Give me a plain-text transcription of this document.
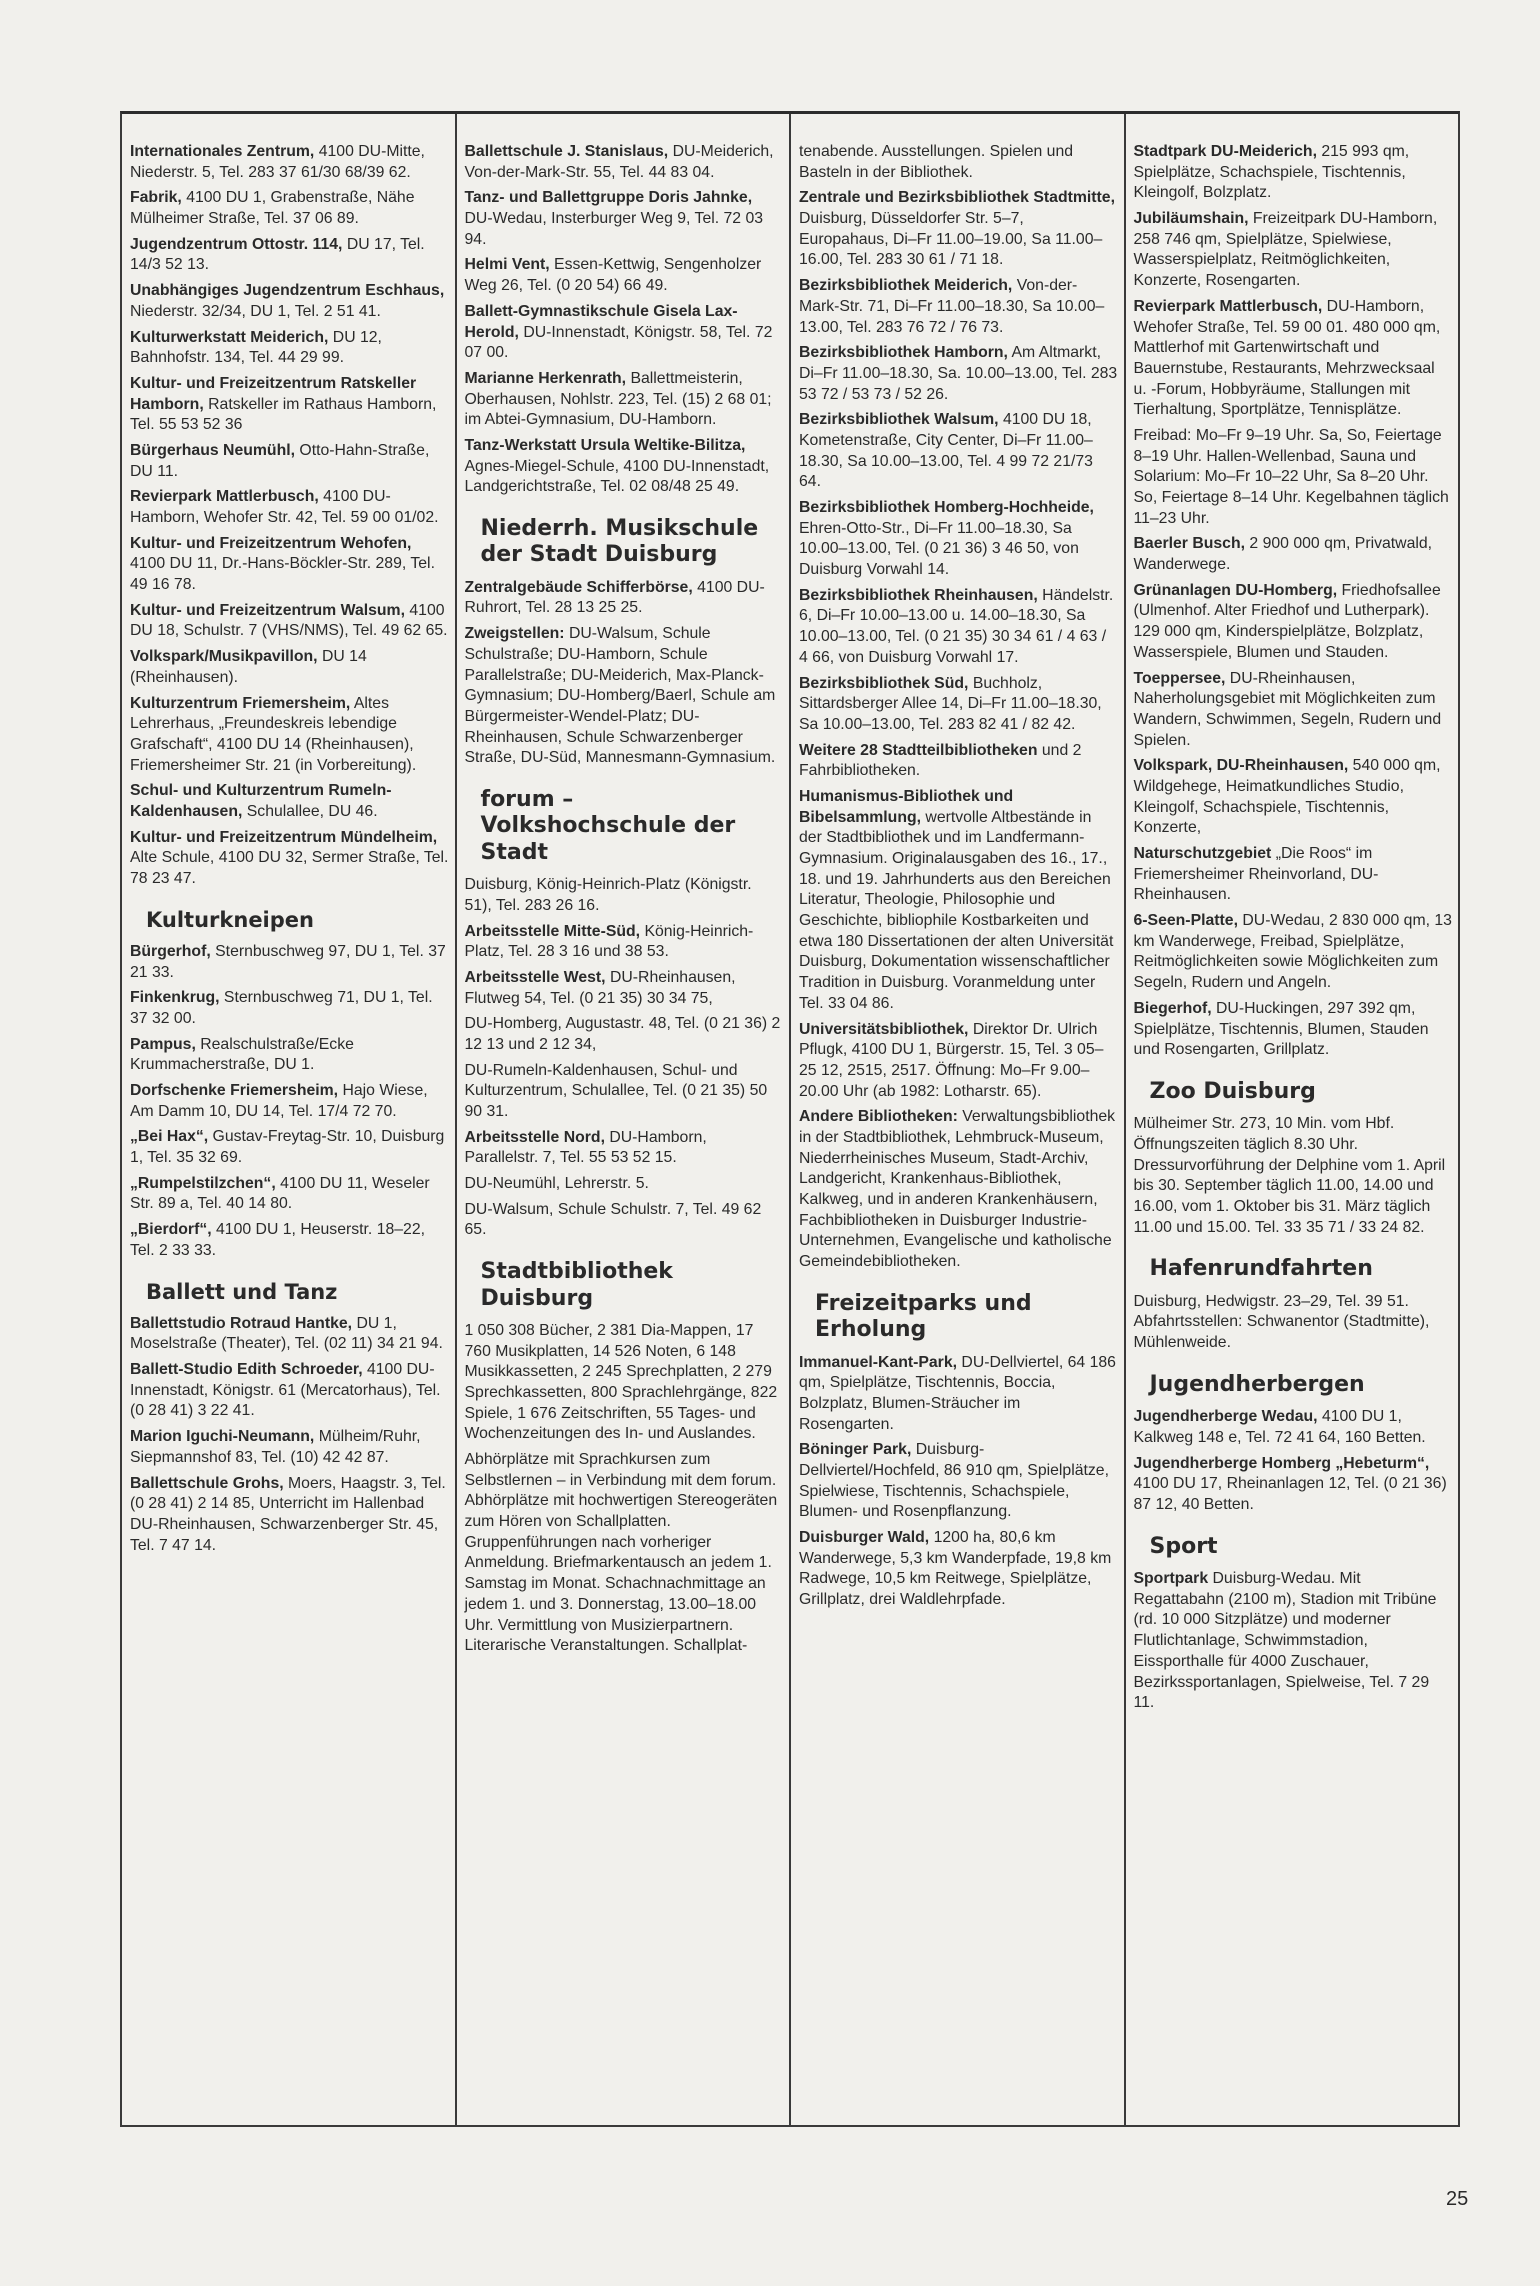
Internationales Zentrum, 4100 DU-Mitte, Niederstr. 5, Tel. 283 37 61/30 68/39 62.
Fabrik, 4100 DU 1, Grabenstraße, Nähe Mülheimer Straße, Tel. 37 06 89.
Jugendzentrum Ottostr. 114, DU 17, Tel. 14/3 52 13.
Unabhängiges Jugendzentrum Eschhaus, Niederstr. 32/34, DU 1, Tel. 2 51 41.
Kulturwerkstatt Meiderich, DU 12, Bahnhofstr. 134, Tel. 44 29 99.
Kultur- und Freizeitzentrum Ratskeller Hamborn, Ratskeller im Rathaus Hamborn, Tel. 55 53 52 36
Bürgerhaus Neumühl, Otto-Hahn-Straße, DU 11.
Revierpark Mattlerbusch, 4100 DU-Hamborn, Wehofer Str. 42, Tel. 59 00 01/02.
Kultur- und Freizeitzentrum Wehofen, 4100 DU 11, Dr.-Hans-Böckler-Str. 289, Tel. 49 16 78.
Kultur- und Freizeitzentrum Walsum, 4100 DU 18, Schulstr. 7 (VHS/NMS), Tel. 49 62 65.
Volkspark/Musikpavillon, DU 14 (Rheinhausen).
Kulturzentrum Friemersheim, Altes Lehrerhaus, „Freundeskreis lebendige Grafschaft“, 4100 DU 14 (Rheinhausen), Friemersheimer Str. 21 (in Vorbereitung).
Schul- und Kulturzentrum Rumeln-Kaldenhausen, Schulallee, DU 46.
Kultur- und Freizeitzentrum Mündelheim, Alte Schule, 4100 DU 32, Sermer Straße, Tel. 78 23 47.
Kulturkneipen
Bürgerhof, Sternbuschweg 97, DU 1, Tel. 37 21 33.
Finkenkrug, Sternbuschweg 71, DU 1, Tel. 37 32 00.
Pampus, Realschulstraße/Ecke Krummacherstraße, DU 1.
Dorfschenke Friemersheim, Hajo Wiese, Am Damm 10, DU 14, Tel. 17/4 72 70.
„Bei Hax“, Gustav-Freytag-Str. 10, Duisburg 1, Tel. 35 32 69.
„Rumpelstilzchen“, 4100 DU 11, Weseler Str. 89 a, Tel. 40 14 80.
„Bierdorf“, 4100 DU 1, Heuserstr. 18–22, Tel. 2 33 33.
Ballett und Tanz
Ballettstudio Rotraud Hantke, DU 1, Moselstraße (Theater), Tel. (02 11) 34 21 94.
Ballett-Studio Edith Schroeder, 4100 DU-Innenstadt, Königstr. 61 (Mercatorhaus), Tel. (0 28 41) 3 22 41.
Marion Iguchi-Neumann, Mülheim/Ruhr, Siepmannshof 83, Tel. (10) 42 42 87.
Ballettschule Grohs, Moers, Haagstr. 3, Tel. (0 28 41) 2 14 85, Unterricht im Hallenbad DU-Rheinhausen, Schwarzenberger Str. 45, Tel. 7 47 14.
Ballettschule J. Stanislaus, DU-Meiderich, Von-der-Mark-Str. 55, Tel. 44 83 04.
Tanz- und Ballettgruppe Doris Jahnke, DU-Wedau, Insterburger Weg 9, Tel. 72 03 94.
Helmi Vent, Essen-Kettwig, Sengenholzer Weg 26, Tel. (0 20 54) 66 49.
Ballett-Gymnastikschule Gisela Lax-Herold, DU-Innenstadt, Königstr. 58, Tel. 72 07 00.
Marianne Herkenrath, Ballettmeisterin, Oberhausen, Nohlstr. 223, Tel. (15) 2 68 01; im Abtei-Gymnasium, DU-Hamborn.
Tanz-Werkstatt Ursula Weltike-Bilitza, Agnes-Miegel-Schule, 4100 DU-Innenstadt, Landgerichtstraße, Tel. 02 08/48 25 49.
Niederrh. Musikschule der Stadt Duisburg
Zentralgebäude Schifferbörse, 4100 DU-Ruhrort, Tel. 28 13 25 25.
Zweigstellen: DU-Walsum, Schule Schulstraße; DU-Hamborn, Schule Parallelstraße; DU-Meiderich, Max-Planck-Gymnasium; DU-Homberg/Baerl, Schule am Bürgermeister-Wendel-Platz; DU-Rheinhausen, Schule Schwarzenberger Straße, DU-Süd, Mannesmann-Gymnasium.
forum – Volkshochschule der Stadt
Duisburg, König-Heinrich-Platz (Königstr. 51), Tel. 283 26 16.
Arbeitsstelle Mitte-Süd, König-Heinrich-Platz, Tel. 28 3 16 und 38 53.
Arbeitsstelle West, DU-Rheinhausen, Flutweg 54, Tel. (0 21 35) 30 34 75,
DU-Homberg, Augustastr. 48, Tel. (0 21 36) 2 12 13 und 2 12 34,
DU-Rumeln-Kaldenhausen, Schul- und Kulturzentrum, Schulallee, Tel. (0 21 35) 50 90 31.
Arbeitsstelle Nord, DU-Hamborn, Parallelstr. 7, Tel. 55 53 52 15.
DU-Neumühl, Lehrerstr. 5.
DU-Walsum, Schule Schulstr. 7, Tel. 49 62 65.
Stadtbibliothek Duisburg
1 050 308 Bücher, 2 381 Dia-Mappen, 17 760 Musikplatten, 14 526 Noten, 6 148 Musikkassetten, 2 245 Sprechplatten, 2 279 Sprechkassetten, 800 Sprachlehrgänge, 822 Spiele, 1 676 Zeitschriften, 55 Tages- und Wochenzeitungen des In- und Auslandes.
Abhörplätze mit Sprachkursen zum Selbstlernen – in Verbindung mit dem forum. Abhörplätze mit hochwertigen Stereogeräten zum Hören von Schallplatten. Gruppenführungen nach vorheriger Anmeldung. Briefmarkentausch an jedem 1. Samstag im Monat. Schachnachmittage an jedem 1. und 3. Donnerstag, 13.00–18.00 Uhr. Vermittlung von Musizierpartnern. Literarische Veranstaltungen. Schallplat-
tenabende. Ausstellungen. Spielen und Basteln in der Bibliothek.
Zentrale und Bezirksbibliothek Stadtmitte, Duisburg, Düsseldorfer Str. 5–7, Europahaus, Di–Fr 11.00–19.00, Sa 11.00–16.00, Tel. 283 30 61 / 71 18.
Bezirksbibliothek Meiderich, Von-der-Mark-Str. 71, Di–Fr 11.00–18.30, Sa 10.00–13.00, Tel. 283 76 72 / 76 73.
Bezirksbibliothek Hamborn, Am Altmarkt, Di–Fr 11.00–18.30, Sa. 10.00–13.00, Tel. 283 53 72 / 53 73 / 52 26.
Bezirksbibliothek Walsum, 4100 DU 18, Kometenstraße, City Center, Di–Fr 11.00–18.30, Sa 10.00–13.00, Tel. 4 99 72 21/73 64.
Bezirksbibliothek Homberg-Hochheide, Ehren-Otto-Str., Di–Fr 11.00–18.30, Sa 10.00–13.00, Tel. (0 21 36) 3 46 50, von Duisburg Vorwahl 14.
Bezirksbibliothek Rheinhausen, Händelstr. 6, Di–Fr 10.00–13.00 u. 14.00–18.30, Sa 10.00–13.00, Tel. (0 21 35) 30 34 61 / 4 63 / 4 66, von Duisburg Vorwahl 17.
Bezirksbibliothek Süd, Buchholz, Sittardsberger Allee 14, Di–Fr 11.00–18.30, Sa 10.00–13.00, Tel. 283 82 41 / 82 42.
Weitere 28 Stadtteilbibliotheken und 2 Fahrbibliotheken.
Humanismus-Bibliothek und Bibelsammlung, wertvolle Altbestände in der Stadtbibliothek und im Landfermann-Gymnasium. Originalausgaben des 16., 17., 18. und 19. Jahrhunderts aus den Bereichen Literatur, Theologie, Philosophie und Geschichte, bibliophile Kostbarkeiten und etwa 180 Dissertationen der alten Universität Duisburg, Dokumentation wissenschaftlicher Tradition in Duisburg. Voranmeldung unter Tel. 33 04 86.
Universitätsbibliothek, Direktor Dr. Ulrich Pflugk, 4100 DU 1, Bürgerstr. 15, Tel. 3 05– 25 12, 2515, 2517. Öffnung: Mo–Fr 9.00–20.00 Uhr (ab 1982: Lotharstr. 65).
Andere Bibliotheken: Verwaltungsbibliothek in der Stadtbibliothek, Lehmbruck-Museum, Niederrheinisches Museum, Stadt-Archiv, Landgericht, Krankenhaus-Bibliothek, Kalkweg, und in anderen Krankenhäusern, Fachbibliotheken in Duisburger Industrie-Unternehmen, Evangelische und katholische Gemeindebibliotheken.
Freizeitparks und Erholung
Immanuel-Kant-Park, DU-Dellviertel, 64 186 qm, Spielplätze, Tischtennis, Boccia, Bolzplatz, Blumen-Sträucher im Rosengarten.
Böninger Park, Duisburg-Dellviertel/Hochfeld, 86 910 qm, Spielplätze, Spielwiese, Tischtennis, Schachspiele, Blumen- und Rosenpflanzung.
Duisburger Wald, 1200 ha, 80,6 km Wanderwege, 5,3 km Wanderpfade, 19,8 km Radwege, 10,5 km Reitwege, Spielplätze, Grillplatz, drei Waldlehrpfade.
Stadtpark DU-Meiderich, 215 993 qm, Spielplätze, Schachspiele, Tischtennis, Kleingolf, Bolzplatz.
Jubiläumshain, Freizeitpark DU-Hamborn, 258 746 qm, Spielplätze, Spielwiese, Wasserspielplatz, Reitmöglichkeiten, Konzerte, Rosengarten.
Revierpark Mattlerbusch, DU-Hamborn, Wehofer Straße, Tel. 59 00 01. 480 000 qm, Mattlerhof mit Gartenwirtschaft und Bauernstube, Restaurants, Mehrzwecksaal u. -Forum, Hobbyräume, Stallungen mit Tierhaltung, Sportplätze, Tennisplätze.
Freibad: Mo–Fr 9–19 Uhr. Sa, So, Feiertage 8–19 Uhr. Hallen-Wellenbad, Sauna und Solarium: Mo–Fr 10–22 Uhr, Sa 8–20 Uhr. So, Feiertage 8–14 Uhr. Kegelbahnen täglich 11–23 Uhr.
Baerler Busch, 2 900 000 qm, Privatwald, Wanderwege.
Grünanlagen DU-Homberg, Friedhofsallee (Ulmenhof. Alter Friedhof und Lutherpark). 129 000 qm, Kinderspielplätze, Bolzplatz, Wasserspiele, Blumen und Stauden.
Toeppersee, DU-Rheinhausen, Naherholungsgebiet mit Möglichkeiten zum Wandern, Schwimmen, Segeln, Rudern und Spielen.
Volkspark, DU-Rheinhausen, 540 000 qm, Wildgehege, Heimatkundliches Studio, Kleingolf, Schachspiele, Tischtennis, Konzerte,
Naturschutzgebiet „Die Roos“ im Friemersheimer Rheinvorland, DU-Rheinhausen.
6-Seen-Platte, DU-Wedau, 2 830 000 qm, 13 km Wanderwege, Freibad, Spielplätze, Reitmöglichkeiten sowie Möglichkeiten zum Segeln, Rudern und Angeln.
Biegerhof, DU-Huckingen, 297 392 qm, Spielplätze, Tischtennis, Blumen, Stauden und Rosengarten, Grillplatz.
Zoo Duisburg
Mülheimer Str. 273, 10 Min. vom Hbf. Öffnungszeiten täglich 8.30 Uhr. Dressurvorführung der Delphine vom 1. April bis 30. September täglich 11.00, 14.00 und 16.00, vom 1. Oktober bis 31. März täglich 11.00 und 15.00. Tel. 33 35 71 / 33 24 82.
Hafenrundfahrten
Duisburg, Hedwigstr. 23–29, Tel. 39 51. Abfahrtsstellen: Schwanentor (Stadtmitte), Mühlenweide.
Jugendherbergen
Jugendherberge Wedau, 4100 DU 1, Kalkweg 148 e, Tel. 72 41 64, 160 Betten.
Jugendherberge Homberg „Hebeturm“, 4100 DU 17, Rheinanlagen 12, Tel. (0 21 36) 87 12, 40 Betten.
Sport
Sportpark Duisburg-Wedau. Mit Regattabahn (2100 m), Stadion mit Tribüne (rd. 10 000 Sitzplätze) und moderner Flutlichtanlage, Schwimmstadion, Eissporthalle für 4000 Zuschauer, Bezirkssportanlagen, Spielweise, Tel. 7 29 11.
25
